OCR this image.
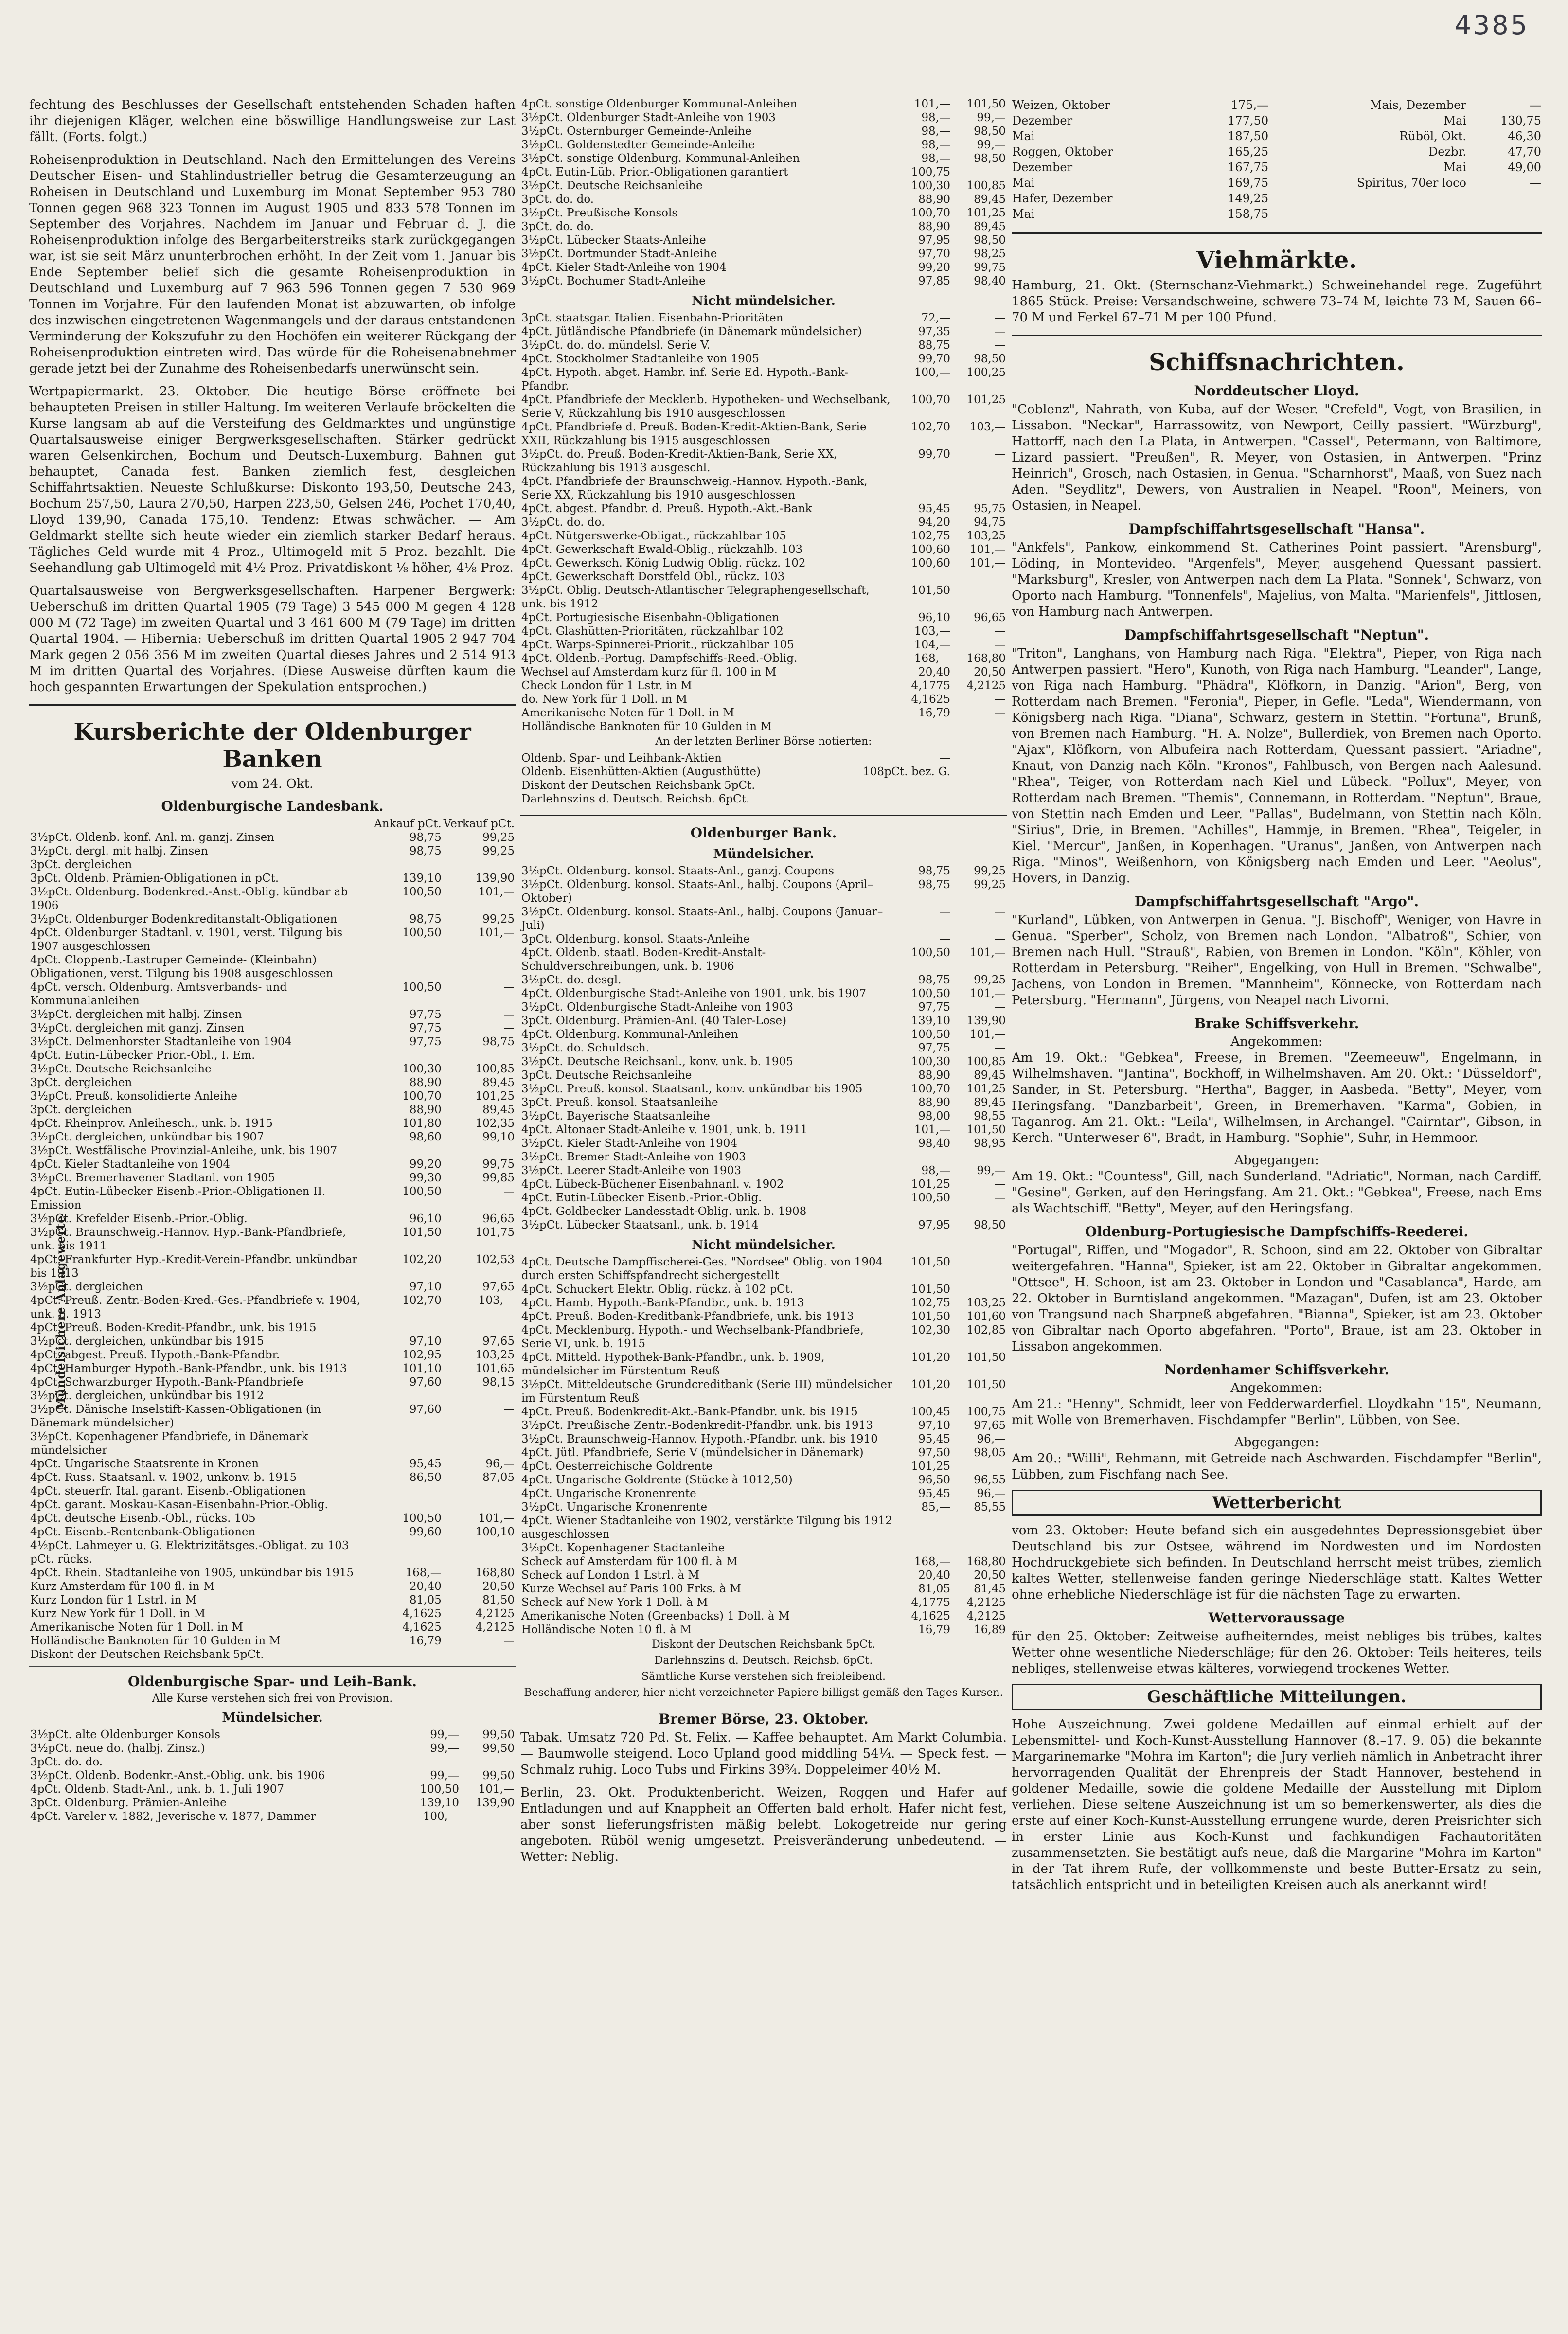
4385

fechtung des Beschlusses der Gesellschaft entstehenden Schaden haften ihr diejenigen Kläger, welchen eine böswillige Handlungsweise zur Last fällt. (Forts. folgt.)

Roheisenproduktion in Deutschland. Nach den Ermittelungen des Vereins Deutscher Eisen- und Stahlindustrieller betrug die Gesamterzeugung an Roheisen in Deutschland und Luxemburg im Monat September 953 780 Tonnen gegen 968 323 Tonnen im August 1905 und 833 578 Tonnen im September des Vorjahres. Nachdem im Januar und Februar d. J. die Roheisenproduktion infolge des Bergarbeiterstreiks stark zurückgegangen war, ist sie seit März ununterbrochen erhöht. In der Zeit vom 1. Januar bis Ende September belief sich die gesamte Roheisenproduktion in Deutschland und Luxemburg auf 7 963 596 Tonnen gegen 7 530 969 Tonnen im Vorjahre. Für den laufenden Monat ist abzuwarten, ob infolge des inzwischen eingetretenen Wagenmangels und der daraus entstandenen Verminderung der Kokszufuhr zu den Hochöfen ein weiterer Rückgang der Roheisenproduktion eintreten wird. Das würde für die Roheisenabnehmer gerade jetzt bei der Zunahme des Roheisenbedarfs unerwünscht sein.

Wertpapiermarkt. 23. Oktober. Die heutige Börse eröffnete bei behaupteten Preisen in stiller Haltung. Im weiteren Verlaufe bröckelten die Kurse langsam ab auf die Versteifung des Geldmarktes und ungünstige Quartalsausweise einiger Bergwerksgesellschaften. Stärker gedrückt waren Gelsenkirchen, Bochum und Deutsch-Luxemburg. Bahnen gut behauptet, Canada fest. Banken ziemlich fest, desgleichen Schiffahrtsaktien. Neueste Schlußkurse: Diskonto 193,50, Deutsche 243, Bochum 257,50, Laura 270,50, Harpen 223,50, Gelsen 246, Pochet 170,40, Lloyd 139,90, Canada 175,10. Tendenz: Etwas schwächer. — Am Geldmarkt stellte sich heute wieder ein ziemlich starker Bedarf heraus. Tägliches Geld wurde mit 4 Proz., Ultimogeld mit 5 Proz. bezahlt. Die Seehandlung gab Ultimogeld mit 4½ Proz. Privatdiskont ⅛ höher, 4⅛ Proz.

Quartalsausweise von Bergwerksgesellschaften. Harpener Bergwerk: Ueberschuß im dritten Quartal 1905 (79 Tage) 3 545 000 M gegen 4 128 000 M (72 Tage) im zweiten Quartal und 3 461 600 M (79 Tage) im dritten Quartal 1904. — Hibernia: Ueberschuß im dritten Quartal 1905 2 947 704 Mark gegen 2 056 356 M im zweiten Quartal dieses Jahres und 2 514 913 M im dritten Quartal des Vorjahres. (Diese Ausweise dürften kaum die hoch gespannten Erwartungen der Spekulation entsprochen.)

Kursberichte der Oldenburger Banken
vom 24. Okt.
Oldenburgische Landesbank.
	Ankauf pCt.	Verkauf pCt.
3½pCt. Oldenb. konf. Anl. m. ganzj. Zinsen	98,75	99,25
3½pCt. dergl. mit halbj. Zinsen	98,75	99,25
3pCt. dergleichen		
3pCt. Oldenb. Prämien-Obligationen in pCt.	139,10	139,90
3½pCt. Oldenburg. Bodenkred.-Anst.-Oblig. kündbar ab 1906	100,50	101,—
3½pCt. Oldenburger Bodenkreditanstalt-Obligationen	98,75	99,25
4pCt. Oldenburger Stadtanl. v. 1901, verst. Tilgung bis 1907 ausgeschlossen	100,50	101,—
4pCt. Cloppenb.-Lastruper Gemeinde- (Kleinbahn) Obligationen, verst. Tilgung bis 1908 ausgeschlossen		
4pCt. versch. Oldenburg. Amtsverbands- und Kommunalanleihen	100,50	—
3½pCt. dergleichen mit halbj. Zinsen	97,75	—
3½pCt. dergleichen mit ganzj. Zinsen	97,75	—
3½pCt. Delmenhorster Stadtanleihe von 1904	97,75	98,75
4pCt. Eutin-Lübecker Prior.-Obl., I. Em.		
3½pCt. Deutsche Reichsanleihe	100,30	100,85
3pCt. dergleichen	88,90	89,45
3½pCt. Preuß. konsolidierte Anleihe	100,70	101,25
3pCt. dergleichen	88,90	89,45
4pCt. Rheinprov. Anleihesch., unk. b. 1915	101,80	102,35
3½pCt. dergleichen, unkündbar bis 1907	98,60	99,10
3½pCt. Westfälische Provinzial-Anleihe, unk. bis 1907		
4pCt. Kieler Stadtanleihe von 1904	99,20	99,75
3½pCt. Bremerhavener Stadtanl. von 1905	99,30	99,85
4pCt. Eutin-Lübecker Eisenb.-Prior.-Obligationen II. Emission	100,50	—
3½pCt. Krefelder Eisenb.-Prior.-Oblig.	96,10	96,65
3½pCt. Braunschweig.-Hannov. Hyp.-Bank-Pfandbriefe, unk. bis 1911	101,50	101,75
4pCt. Frankfurter Hyp.-Kredit-Verein-Pfandbr. unkündbar bis 1913	102,20	102,53
3½pCt. dergleichen	97,10	97,65
4pCt. Preuß. Zentr.-Boden-Kred.-Ges.-Pfandbriefe v. 1904, unk. b. 1913	102,70	103,—
4pCt. Preuß. Boden-Kredit-Pfandbr., unk. bis 1915		
3½pCt. dergleichen, unkündbar bis 1915	97,10	97,65
4pCt. abgest. Preuß. Hypoth.-Bank-Pfandbr.	102,95	103,25
4pCt. Hamburger Hypoth.-Bank-Pfandbr., unk. bis 1913	101,10	101,65
4pCt. Schwarzburger Hypoth.-Bank-Pfandbriefe	97,60	98,15
3½pCt. dergleichen, unkündbar bis 1912		
3½pCt. Dänische Inselstift-Kassen-Obligationen (in Dänemark mündelsicher)	97,60	—
3½pCt. Kopenhagener Pfandbriefe, in Dänemark mündelsicher		
4pCt. Ungarische Staatsrente in Kronen	95,45	96,—
4pCt. Russ. Staatsanl. v. 1902, unkonv. b. 1915	86,50	87,05
4pCt. steuerfr. Ital. garant. Eisenb.-Obligationen		
4pCt. garant. Moskau-Kasan-Eisenbahn-Prior.-Oblig.		
4pCt. deutsche Eisenb.-Obl., rücks. 105	100,50	101,—
4pCt. Eisenb.-Rentenbank-Obligationen	99,60	100,10
4½pCt. Lahmeyer u. G. Elektrizitätsges.-Obligat. zu 103 pCt. rücks.		
4pCt. Rhein. Stadtanleihe von 1905, unkündbar bis 1915	168,—	168,80
Kurz Amsterdam für 100 fl. in M	20,40	20,50
Kurz London für 1 Lstrl. in M	81,05	81,50
Kurz New York für 1 Doll. in M	4,1625	4,2125
Amerikanische Noten für 1 Doll. in M	4,1625	4,2125
Holländische Banknoten für 10 Gulden in M	16,79	—
Diskont der Deutschen Reichsbank 5pCt.		
Oldenburgische Spar- und Leih-Bank.
Alle Kurse verstehen sich frei von Provision.
Mündelsicher.
3½pCt. alte Oldenburger Konsols	99,—	99,50
3½pCt. neue do. (halbj. Zinsz.)	99,—	99,50
3pCt. do. do.		
3½pCt. Oldenb. Bodenkr.-Anst.-Oblig. unk. bis 1906	99,—	99,50
4pCt. Oldenb. Stadt-Anl., unk. b. 1. Juli 1907	100,50	101,—
3pCt. Oldenburg. Prämien-Anleihe	139,10	139,90
4pCt. Vareler v. 1882, Jeverische v. 1877, Dammer	100,—	
Mündelsichere Anlagewerte
4pCt. sonstige Oldenburger Kommunal-Anleihen	101,—	101,50
3½pCt. Oldenburger Stadt-Anleihe von 1903	98,—	99,—
3½pCt. Osternburger Gemeinde-Anleihe	98,—	98,50
3½pCt. Goldenstedter Gemeinde-Anleihe	98,—	99,—
3½pCt. sonstige Oldenburg. Kommunal-Anleihen	98,—	98,50
4pCt. Eutin-Lüb. Prior.-Obligationen garantiert	100,75	
3½pCt. Deutsche Reichsanleihe	100,30	100,85
3pCt. do. do.	88,90	89,45
3½pCt. Preußische Konsols	100,70	101,25
3pCt. do. do.	88,90	89,45
3½pCt. Lübecker Staats-Anleihe	97,95	98,50
3½pCt. Dortmunder Stadt-Anleihe	97,70	98,25
4pCt. Kieler Stadt-Anleihe von 1904	99,20	99,75
3½pCt. Bochumer Stadt-Anleihe	97,85	98,40
Nicht mündelsicher.
3pCt. staatsgar. Italien. Eisenbahn-Prioritäten	72,—	—
4pCt. Jütländische Pfandbriefe (in Dänemark mündelsicher)	97,35	—
3½pCt. do. do. mündelsl. Serie V.	88,75	—
4pCt. Stockholmer Stadtanleihe von 1905	99,70	98,50
4pCt. Hypoth. abget. Hambr. inf. Serie Ed. Hypoth.-Bank-Pfandbr.	100,—	100,25
4pCt. Pfandbriefe der Mecklenb. Hypotheken- und Wechselbank, Serie V, Rückzahlung bis 1910 ausgeschlossen	100,70	101,25
4pCt. Pfandbriefe d. Preuß. Boden-Kredit-Aktien-Bank, Serie XXII, Rückzahlung bis 1915 ausgeschlossen	102,70	103,—
3½pCt. do. Preuß. Boden-Kredit-Aktien-Bank, Serie XX, Rückzahlung bis 1913 ausgeschl.	99,70	—
4pCt. Pfandbriefe der Braunschweig.-Hannov. Hypoth.-Bank, Serie XX, Rückzahlung bis 1910 ausgeschlossen		
4pCt. abgest. Pfandbr. d. Preuß. Hypoth.-Akt.-Bank	95,45	95,75
3½pCt. do. do.	94,20	94,75
4pCt. Nütgerswerke-Obligat., rückzahlbar 105	102,75	103,25
4pCt. Gewerkschaft Ewald-Oblig., rückzahlb. 103	100,60	101,—
4pCt. Gewerksch. König Ludwig Oblig. rückz. 102	100,60	101,—
4pCt. Gewerkschaft Dorstfeld Obl., rückz. 103		
3½pCt. Oblig. Deutsch-Atlantischer Telegraphengesellschaft, unk. bis 1912	101,50	
4pCt. Portugiesische Eisenbahn-Obligationen	96,10	96,65
4pCt. Glashütten-Prioritäten, rückzahlbar 102	103,—	—
4pCt. Warps-Spinnerei-Priorit., rückzahlbar 105	104,—	—
4pCt. Oldenb.-Portug. Dampfschiffs-Reed.-Oblig.	168,—	168,80
Wechsel auf Amsterdam kurz für fl. 100 in M	20,40	20,50
Check London für 1 Lstr. in M	4,1775	4,2125
do. New York für 1 Doll. in M	4,1625	—
Amerikanische Noten für 1 Doll. in M	16,79	—
Holländische Banknoten für 10 Gulden in M		
An der letzten Berliner Börse notierten:
Oldenb. Spar- und Leihbank-Aktien	—	
Oldenb. Eisenhütten-Aktien (Augusthütte)	108pCt. bez. G.	
Diskont der Deutschen Reichsbank 5pCt.		
Darlehnszins d. Deutsch. Reichsb. 6pCt.		
Oldenburger Bank.
Mündelsicher.
3½pCt. Oldenburg. konsol. Staats-Anl., ganzj. Coupons	98,75	99,25
3½pCt. Oldenburg. konsol. Staats-Anl., halbj. Coupons (April–Oktober)	98,75	99,25
3½pCt. Oldenburg. konsol. Staats-Anl., halbj. Coupons (Januar–Juli)	—	—
3pCt. Oldenburg. konsol. Staats-Anleihe	—	—
4pCt. Oldenb. staatl. Boden-Kredit-Anstalt-Schuldverschreibungen, unk. b. 1906	100,50	101,—
3½pCt. do. desgl.	98,75	99,25
4pCt. Oldenburgische Stadt-Anleihe von 1901, unk. bis 1907	100,50	101,—
3½pCt. Oldenburgische Stadt-Anleihe von 1903	97,75	—
3pCt. Oldenburg. Prämien-Anl. (40 Taler-Lose)	139,10	139,90
4pCt. Oldenburg. Kommunal-Anleihen	100,50	101,—
3½pCt. do. Schuldsch.	97,75	—
3½pCt. Deutsche Reichsanl., konv. unk. b. 1905	100,30	100,85
3pCt. Deutsche Reichsanleihe	88,90	89,45
3½pCt. Preuß. konsol. Staatsanl., konv. unkündbar bis 1905	100,70	101,25
3pCt. Preuß. konsol. Staatsanleihe	88,90	89,45
3½pCt. Bayerische Staatsanleihe	98,00	98,55
4pCt. Altonaer Stadt-Anleihe v. 1901, unk. b. 1911	101,—	101,50
3½pCt. Kieler Stadt-Anleihe von 1904	98,40	98,95
3½pCt. Bremer Stadt-Anleihe von 1903		
3½pCt. Leerer Stadt-Anleihe von 1903	98,—	99,—
4pCt. Lübeck-Büchener Eisenbahnanl. v. 1902	101,25	—
4pCt. Eutin-Lübecker Eisenb.-Prior.-Oblig.	100,50	—
4pCt. Goldbecker Landesstadt-Oblig. unk. b. 1908		
3½pCt. Lübecker Staatsanl., unk. b. 1914	97,95	98,50
Nicht mündelsicher.
4pCt. Deutsche Dampffischerei-Ges. "Nordsee" Oblig. von 1904 durch ersten Schiffspfandrecht sichergestellt	101,50	
4pCt. Schuckert Elektr. Oblig. rückz. à 102 pCt.	101,50	
4pCt. Hamb. Hypoth.-Bank-Pfandbr., unk. b. 1913	102,75	103,25
4pCt. Preuß. Boden-Kreditbank-Pfandbriefe, unk. bis 1913	101,50	101,60
4pCt. Mecklenburg. Hypoth.- und Wechselbank-Pfandbriefe, Serie VI, unk. b. 1915	102,30	102,85
4pCt. Mitteld. Hypothek-Bank-Pfandbr., unk. b. 1909, mündelsicher im Fürstentum Reuß	101,20	101,50
3½pCt. Mitteldeutsche Grundcreditbank (Serie III) mündelsicher im Fürstentum Reuß	101,20	101,50
4pCt. Preuß. Bodenkredit-Akt.-Bank-Pfandbr. unk. bis 1915	100,45	100,75
3½pCt. Preußische Zentr.-Bodenkredit-Pfandbr. unk. bis 1913	97,10	97,65
3½pCt. Braunschweig-Hannov. Hypoth.-Pfandbr. unk. bis 1910	95,45	96,—
4pCt. Jütl. Pfandbriefe, Serie V (mündelsicher in Dänemark)	97,50	98,05
4pCt. Oesterreichische Goldrente	101,25	
4pCt. Ungarische Goldrente (Stücke à 1012,50)	96,50	96,55
4pCt. Ungarische Kronenrente	95,45	96,—
3½pCt. Ungarische Kronenrente	85,—	85,55
4pCt. Wiener Stadtanleihe von 1902, verstärkte Tilgung bis 1912 ausgeschlossen		
3½pCt. Kopenhagener Stadtanleihe		
Scheck auf Amsterdam für 100 fl. à M	168,—	168,80
Scheck auf London 1 Lstrl. à M	20,40	20,50
Kurze Wechsel auf Paris 100 Frks. à M	81,05	81,45
Scheck auf New York 1 Doll. à M	4,1775	4,2125
Amerikanische Noten (Greenbacks) 1 Doll. à M	4,1625	4,2125
Holländische Noten 10 fl. à M	16,79	16,89
Diskont der Deutschen Reichsbank 5pCt.
Darlehnszins d. Deutsch. Reichsb. 6pCt.
Sämtliche Kurse verstehen sich freibleibend.
Beschaffung anderer, hier nicht verzeichneter Papiere billigst gemäß den Tages-Kursen.
Bremer Börse, 23. Oktober.

Tabak. Umsatz 720 Pd. St. Felix. — Kaffee behauptet. Am Markt Columbia. — Baumwolle steigend. Loco Upland good middling 54¼. — Speck fest. — Schmalz ruhig. Loco Tubs und Firkins 39¾. Doppeleimer 40½ M.

Berlin, 23. Okt. Produktenbericht. Weizen, Roggen und Hafer auf Entladungen und auf Knappheit an Offerten bald erholt. Hafer nicht fest, aber sonst lieferungsfristen mäßig belebt. Lokogetreide nur gering angeboten. Rüböl wenig umgesetzt. Preisveränderung unbedeutend. — Wetter: Neblig.

Weizen, Oktober	175,—	Mais, Dezember	—
Dezember	177,50	Mai	130,75
Mai	187,50	Rüböl, Okt.	46,30
Roggen, Oktober	165,25	Dezbr.	47,70
Dezember	167,75	Mai	49,00
Mai	169,75	Spiritus, 70er loco	—
Hafer, Dezember	149,25		
Mai	158,75		
Viehmärkte.

Hamburg, 21. Okt. (Sternschanz-Viehmarkt.) Schweinehandel rege. Zugeführt 1865 Stück. Preise: Versandschweine, schwere 73–74 M, leichte 73 M, Sauen 66–70 M und Ferkel 67–71 M per 100 Pfund.

Schiffsnachrichten.
Norddeutscher Lloyd.

"Coblenz", Nahrath, von Kuba, auf der Weser. "Crefeld", Vogt, von Brasilien, in Lissabon. "Neckar", Harrassowitz, von Newport, Ceilly passiert. "Würzburg", Hattorff, nach den La Plata, in Antwerpen. "Cassel", Petermann, von Baltimore, Lizard passiert. "Preußen", R. Meyer, von Ostasien, in Antwerpen. "Prinz Heinrich", Grosch, nach Ostasien, in Genua. "Scharnhorst", Maaß, von Suez nach Aden. "Seydlitz", Dewers, von Australien in Neapel. "Roon", Meiners, von Ostasien, in Neapel.

Dampfschiffahrtsgesellschaft "Hansa".

"Ankfels", Pankow, einkommend St. Catherines Point passiert. "Arensburg", Löding, in Montevideo. "Argenfels", Meyer, ausgehend Quessant passiert. "Marksburg", Kresler, von Antwerpen nach dem La Plata. "Sonnek", Schwarz, von Oporto nach Hamburg. "Tonnenfels", Majelius, von Malta. "Marienfels", Jittlosen, von Hamburg nach Antwerpen.

Dampfschiffahrtsgesellschaft "Neptun".

"Triton", Langhans, von Hamburg nach Riga. "Elektra", Pieper, von Riga nach Antwerpen passiert. "Hero", Kunoth, von Riga nach Hamburg. "Leander", Lange, von Riga nach Hamburg. "Phädra", Klöfkorn, in Danzig. "Arion", Berg, von Rotterdam nach Bremen. "Feronia", Pieper, in Gefle. "Leda", Wiendermann, von Königsberg nach Riga. "Diana", Schwarz, gestern in Stettin. "Fortuna", Brunß, von Bremen nach Hamburg. "H. A. Nolze", Bullerdiek, von Bremen nach Oporto. "Ajax", Klöfkorn, von Albufeira nach Rotterdam, Quessant passiert. "Ariadne", Knaut, von Danzig nach Köln. "Kronos", Fahlbusch, von Bergen nach Aalesund. "Rhea", Teiger, von Rotterdam nach Kiel und Lübeck. "Pollux", Meyer, von Rotterdam nach Bremen. "Themis", Connemann, in Rotterdam. "Neptun", Braue, von Stettin nach Emden und Leer. "Pallas", Budelmann, von Stettin nach Köln. "Sirius", Drie, in Bremen. "Achilles", Hammje, in Bremen. "Rhea", Teigeler, in Kiel. "Mercur", Janßen, in Kopenhagen. "Uranus", Janßen, von Antwerpen nach Riga. "Minos", Weißenhorn, von Königsberg nach Emden und Leer. "Aeolus", Hovers, in Danzig.

Dampfschiffahrtsgesellschaft "Argo".

"Kurland", Lübken, von Antwerpen in Genua. "J. Bischoff", Weniger, von Havre in Genua. "Sperber", Scholz, von Bremen nach London. "Albatroß", Schier, von Bremen nach Hull. "Strauß", Rabien, von Bremen in London. "Köln", Köhler, von Rotterdam in Petersburg. "Reiher", Engelking, von Hull in Bremen. "Schwalbe", Jachens, von London in Bremen. "Mannheim", Könnecke, von Rotterdam nach Petersburg. "Hermann", Jürgens, von Neapel nach Livorni.

Brake Schiffsverkehr.
Angekommen:

Am 19. Okt.: "Gebkea", Freese, in Bremen. "Zeemeeuw", Engelmann, in Wilhelmshaven. "Jantina", Bockhoff, in Wilhelmshaven. Am 20. Okt.: "Düsseldorf", Sander, in St. Petersburg. "Hertha", Bagger, in Aasbeda. "Betty", Meyer, vom Heringsfang. "Danzbarbeit", Green, in Bremerhaven. "Karma", Gobien, in Taganrog. Am 21. Okt.: "Leila", Wilhelmsen, in Archangel. "Cairntar", Gibson, in Kerch. "Unterweser 6", Bradt, in Hamburg. "Sophie", Suhr, in Hemmoor.

Abgegangen:

Am 19. Okt.: "Countess", Gill, nach Sunderland. "Adriatic", Norman, nach Cardiff. "Gesine", Gerken, auf den Heringsfang. Am 21. Okt.: "Gebkea", Freese, nach Ems als Wachtschiff. "Betty", Meyer, auf den Heringsfang.

Oldenburg-Portugiesische Dampfschiffs-Reederei.

"Portugal", Riffen, und "Mogador", R. Schoon, sind am 22. Oktober von Gibraltar weitergefahren. "Hanna", Spieker, ist am 22. Oktober in Gibraltar angekommen. "Ottsee", H. Schoon, ist am 23. Oktober in London und "Casablanca", Harde, am 22. Oktober in Burntisland angekommen. "Mazagan", Dufen, ist am 23. Oktober von Trangsund nach Sharpneß abgefahren. "Bianna", Spieker, ist am 23. Oktober von Gibraltar nach Oporto abgefahren. "Porto", Braue, ist am 23. Oktober in Lissabon angekommen.

Nordenhamer Schiffsverkehr.
Angekommen:

Am 21.: "Henny", Schmidt, leer von Fedderwarderfiel. Lloydkahn "15", Neumann, mit Wolle von Bremerhaven. Fischdampfer "Berlin", Lübben, von See.

Abgegangen:

Am 20.: "Willi", Rehmann, mit Getreide nach Aschwarden. Fischdampfer "Berlin", Lübben, zum Fischfang nach See.

Wetterbericht

vom 23. Oktober: Heute befand sich ein ausgedehntes Depressionsgebiet über Deutschland bis zur Ostsee, während im Nordwesten und im Nordosten Hochdruckgebiete sich befinden. In Deutschland herrscht meist trübes, ziemlich kaltes Wetter, stellenweise fanden geringe Niederschläge statt. Kaltes Wetter ohne erhebliche Niederschläge ist für die nächsten Tage zu erwarten.

Wettervoraussage

für den 25. Oktober: Zeitweise aufheiterndes, meist nebliges bis trübes, kaltes Wetter ohne wesentliche Niederschläge; für den 26. Oktober: Teils heiteres, teils nebliges, stellenweise etwas kälteres, vorwiegend trockenes Wetter.

Geschäftliche Mitteilungen.

Hohe Auszeichnung. Zwei goldene Medaillen auf einmal erhielt auf der Lebensmittel- und Koch-Kunst-Ausstellung Hannover (8.–17. 9. 05) die bekannte Margarinemarke "Mohra im Karton"; die Jury verlieh nämlich in Anbetracht ihrer hervorragenden Qualität der Ehrenpreis der Stadt Hannover, bestehend in goldener Medaille, sowie die goldene Medaille der Ausstellung mit Diplom verliehen. Diese seltene Auszeichnung ist um so bemerkenswerter, als dies die erste auf einer Koch-Kunst-Ausstellung errungene wurde, deren Preisrichter sich in erster Linie aus Koch-Kunst und fachkundigen Fachautoritäten zusammensetzten. Sie bestätigt aufs neue, daß die Margarine "Mohra im Karton" in der Tat ihrem Rufe, der vollkommenste und beste Butter-Ersatz zu sein, tatsächlich entspricht und in beteiligten Kreisen auch als anerkannt wird!
